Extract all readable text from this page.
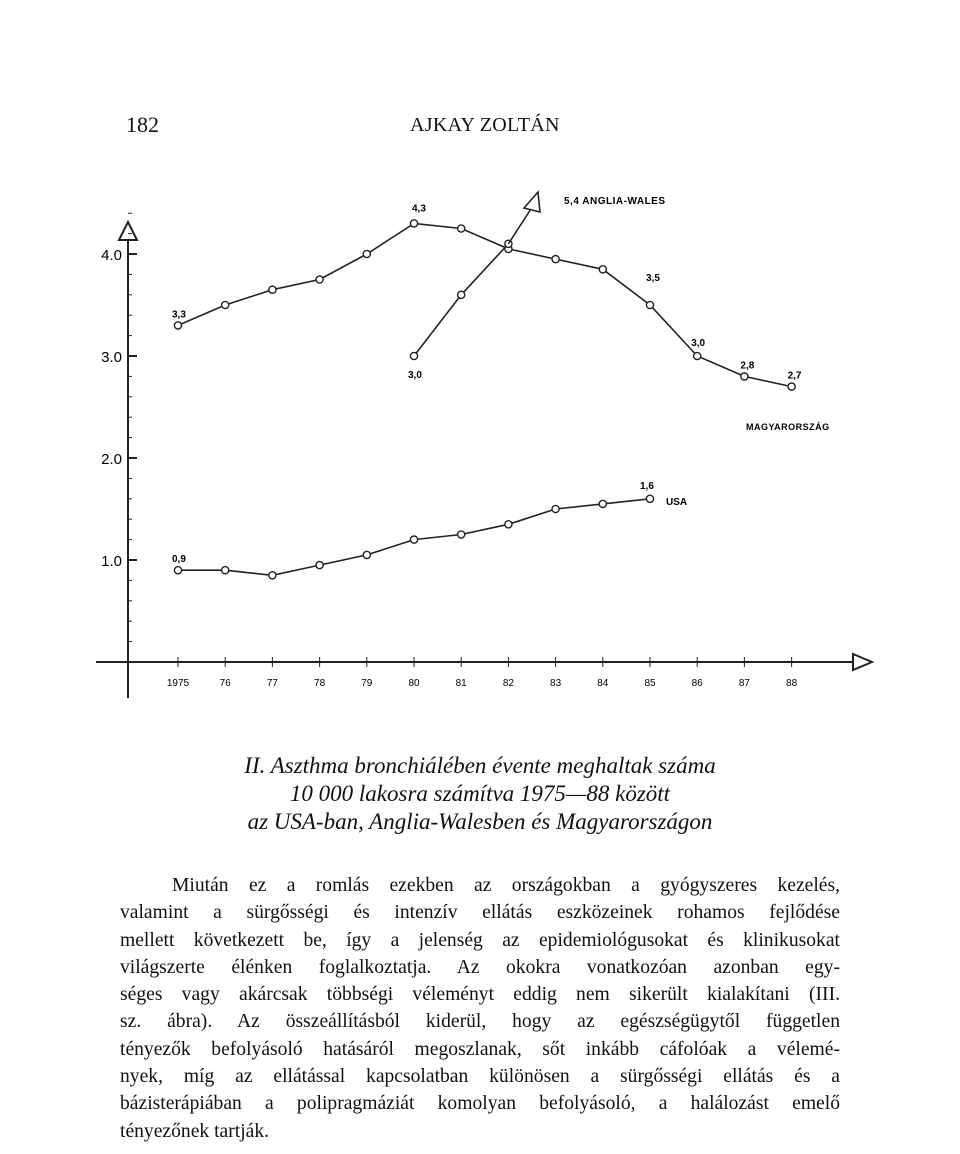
182	AJKAY ZOLTÁN
1.0
2.0
3.0
4.0
1975	76	77	78	79	80	81	82	83	84	85	86	87	88
3,3
4,3
3,5
3,0
2,8
2,7
MAGYARORSZÁG
5,4 ANGLIA-WALES
3,0
0,9
1,6
USA
II. Aszthma bronchiálében évente meghaltak száma
10 000 lakosra számítva 1975—88 között
az USA-ban, Anglia-Walesben és Magyarországon
Miután ez a romlás ezekben az országokban a gyógyszeres kezelés,
valamint a sürgősségi és intenzív ellátás eszközeinek rohamos fejlődése
mellett következett be, így a jelenség az epidemiológusokat és klinikusokat
világszerte élénken foglalkoztatja. Az okokra vonatkozóan azonban egy-
séges vagy akárcsak többségi véleményt eddig nem sikerült kialakítani (III.
sz. ábra). Az összeállításból kiderül, hogy az egészségügytől független
tényezők befolyásoló hatásáról megoszlanak, sőt inkább cáfolóak a vélemé-
nyek, míg az ellátással kapcsolatban különösen a sürgősségi ellátás és a
bázisterápiában a polipragmáziát komolyan befolyásoló, a halálozást emelő
tényezőnek tartják.
